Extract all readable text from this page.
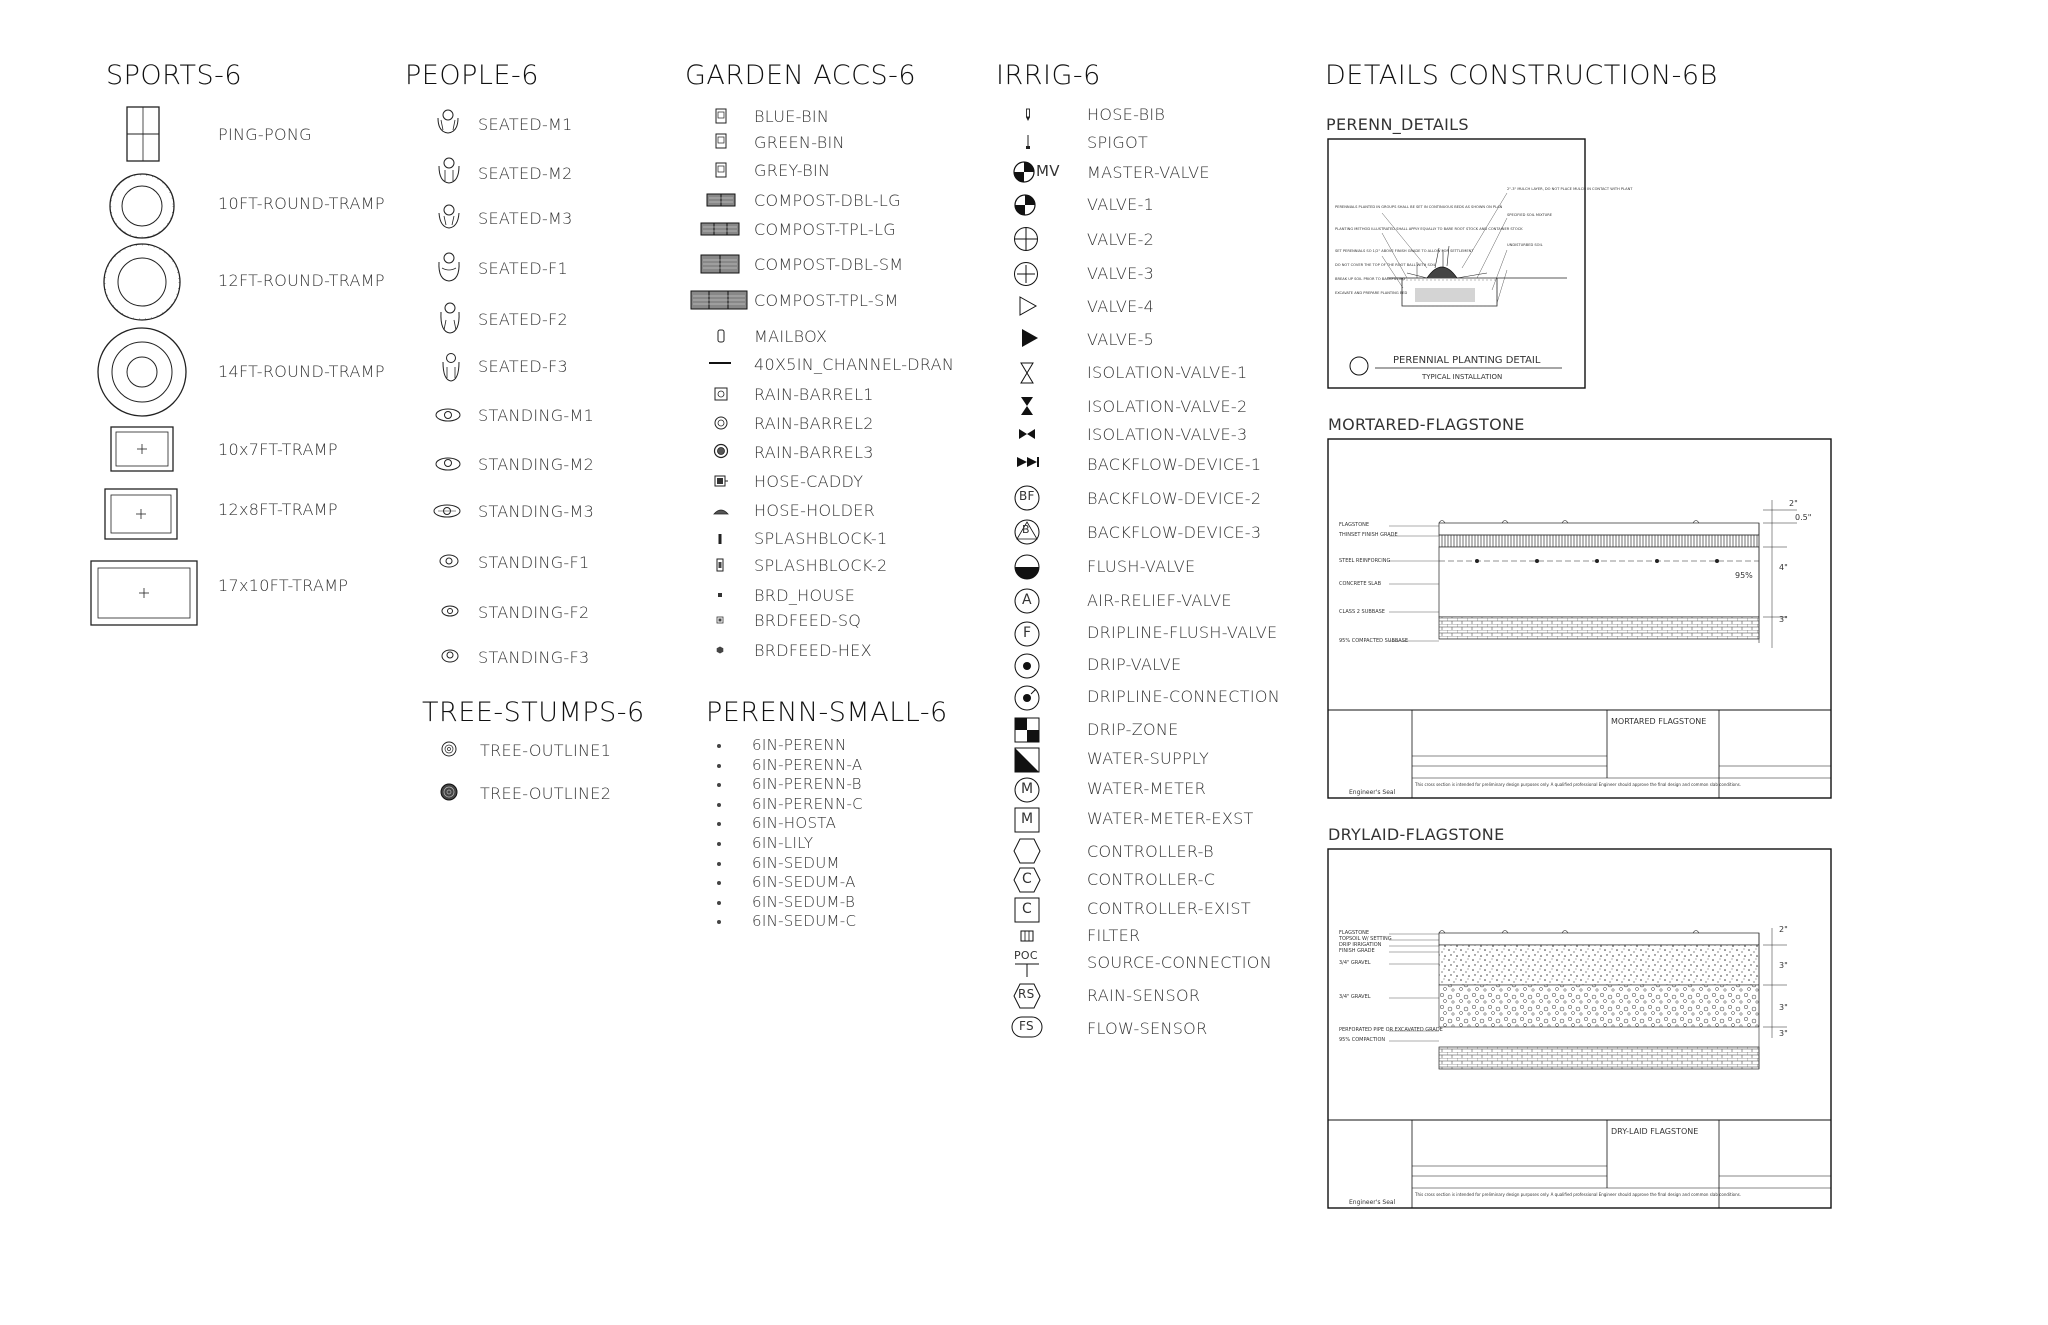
SPORTS-6
PING-PONG
10FT-ROUND-TRAMP
12FT-ROUND-TRAMP
14FT-ROUND-TRAMP
10x7FT-TRAMP
12x8FT-TRAMP
17x10FT-TRAMP
PEOPLE-6
SEATED-M1
SEATED-M2
SEATED-M3
SEATED-F1
SEATED-F2
SEATED-F3
STANDING-M1
STANDING-M2
STANDING-M3
STANDING-F1
STANDING-F2
STANDING-F3
TREE-STUMPS-6
TREE-OUTLINE1
TREE-OUTLINE2
GARDEN ACCS-6
BLUE-BIN
GREEN-BIN
GREY-BIN
COMPOST-DBL-LG
COMPOST-TPL-LG
COMPOST-DBL-SM
COMPOST-TPL-SM
MAILBOX
40X5IN_CHANNEL-DRAN
RAIN-BARREL1
RAIN-BARREL2
RAIN-BARREL3
HOSE-CADDY
HOSE-HOLDER
SPLASHBLOCK-1
SPLASHBLOCK-2
BRD_HOUSE
BRDFEED-SQ
BRDFEED-HEX
PERENN-SMALL-6
6IN-PERENN
6IN-PERENN-A
6IN-PERENN-B
6IN-PERENN-C
6IN-HOSTA
6IN-LILY
6IN-SEDUM
6IN-SEDUM-A
6IN-SEDUM-B
6IN-SEDUM-C
IRRIG-6
HOSE-BIB
SPIGOT
MV MASTER-VALVE
VALVE-1
VALVE-2
VALVE-3
VALVE-4
VALVE-5
ISOLATION-VALVE-1
ISOLATION-VALVE-2
ISOLATION-VALVE-3
BACKFLOW-DEVICE-1
BF	BACKFLOW-DEVICE-2
B	BACKFLOW-DEVICE-3
FLUSH-VALVE
A	AIR-RELIEF-VALVE
F	DRIPLINE-FLUSH-VALVE
DRIP-VALVE
DRIPLINE-CONNECTION
DRIP-ZONE
WATER-SUPPLY
M	WATER-METER
M	WATER-METER-EXST
CONTROLLER-B
C	CONTROLLER-C
C	CONTROLLER-EXIST
FILTER
POC	SOURCE-CONNECTION
RS	RAIN-SENSOR
FS	FLOW-SENSOR
DETAILS CONSTRUCTION-6B
PERENN_DETAILS
PERENNIALS PLANTED IN GROUPS SHALL BE SET IN CONTINUOUS BEDS AS SHOWN ON PLAN
PLANTING METHOD ILLUSTRATED SHALL APPLY EQUALLY TO BARE ROOT STOCK AND CONTAINER STOCK
SET PERENNIALS SO 1/2" ABOVE FINISH GRADE TO ALLOW FOR SETTLEMENT
DO NOT COVER THE TOP OF THE ROOT BALL WITH SOIL
BREAK UP SOIL PRIOR TO BACKFILLING
EXCAVATE AND PREPARE PLANTING BED
2"-3" MULCH LAYER, DO NOT PLACE MULCH IN CONTACT WITH PLANT
SPECIFIED SOIL MIXTURE
UNDISTURBED SOIL
PERENNIAL PLANTING DETAIL
TYPICAL INSTALLATION
MORTARED-FLAGSTONE
FLAGSTONE
THINSET FINISH GRADE
STEEL REINFORCING
CONCRETE SLAB
CLASS 2 SUBBASE
95% COMPACTED SUBBASE
2"
0.5"
4"
95%
3"
MORTARED FLAGSTONE
Engineer's Seal
This cross section is intended for preliminary design purposes only. A qualified professional Engineer should approve the final design and common slab conditions.
DRYLAID-FLAGSTONE
FLAGSTONE
TOPSOIL W/ SETTING
DRIP IRRIGATION
FINISH GRADE
3/4" GRAVEL
3/4" GRAVEL
PERFORATED PIPE OR EXCAVATED GRADE
95% COMPACTION
2"
3"
3"
3"
DRY-LAID FLAGSTONE
Engineer's Seal
This cross section is intended for preliminary design purposes only. A qualified professional Engineer should approve the final design and common slab conditions.
